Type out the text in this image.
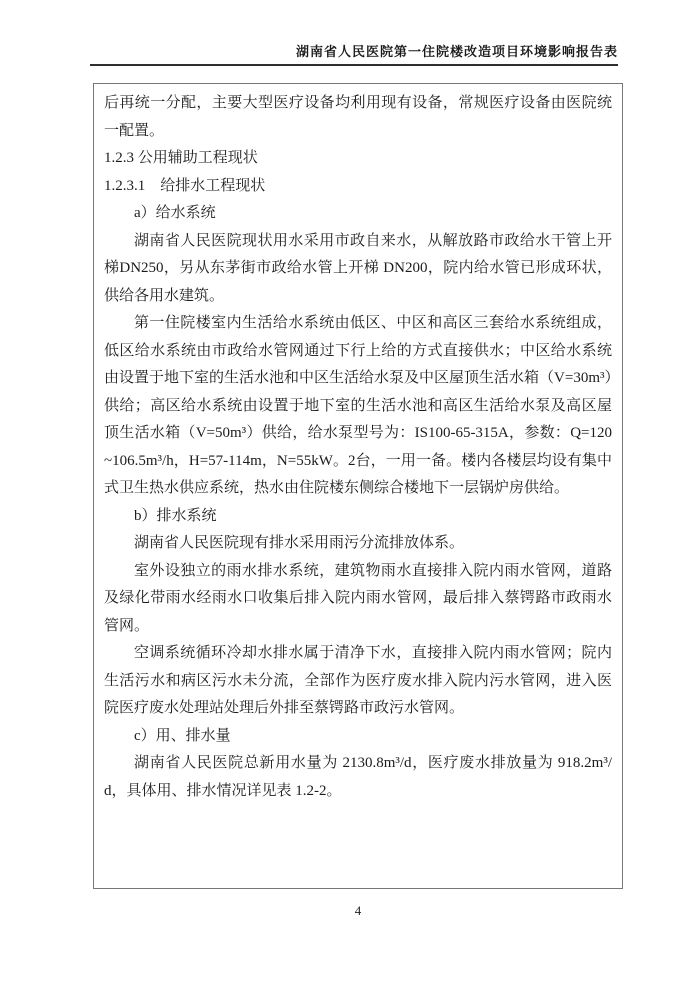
湖南省人民医院第一住院楼改造项目环境影响报告表

后再统一分配，主要大型医疗设备均利用现有设备，常规医疗设备由医院统一配置。

1.2.3 公用辅助工程现状

1.2.3.1　给排水工程现状

a）给水系统

湖南省人民医院现状用水采用市政自来水，从解放路市政给水干管上开梯DN250，另从东茅街市政给水管上开梯 DN200，院内给水管已形成环状，供给各用水建筑。

第一住院楼室内生活给水系统由低区、中区和高区三套给水系统组成，低区给水系统由市政给水管网通过下行上给的方式直接供水；中区给水系统由设置于地下室的生活水池和中区生活给水泵及中区屋顶生活水箱（V=30m³）供给；高区给水系统由设置于地下室的生活水池和高区生活给水泵及高区屋顶生活水箱（V=50m³）供给，给水泵型号为：IS100-65-315A，参数：Q=120~106.5m³/h，H=57-114m，N=55kW。2台，一用一备。楼内各楼层均设有集中式卫生热水供应系统，热水由住院楼东侧综合楼地下一层锅炉房供给。

b）排水系统

湖南省人民医院现有排水采用雨污分流排放体系。

室外设独立的雨水排水系统，建筑物雨水直接排入院内雨水管网，道路及绿化带雨水经雨水口收集后排入院内雨水管网，最后排入蔡锷路市政雨水管网。

空调系统循环冷却水排水属于清净下水，直接排入院内雨水管网；院内生活污水和病区污水未分流，全部作为医疗废水排入院内污水管网，进入医院医疗废水处理站处理后外排至蔡锷路市政污水管网。

c）用、排水量

湖南省人民医院总新用水量为 2130.8m³/d，医疗废水排放量为 918.2m³/d，具体用、排水情况详见表 1.2-2。

4
